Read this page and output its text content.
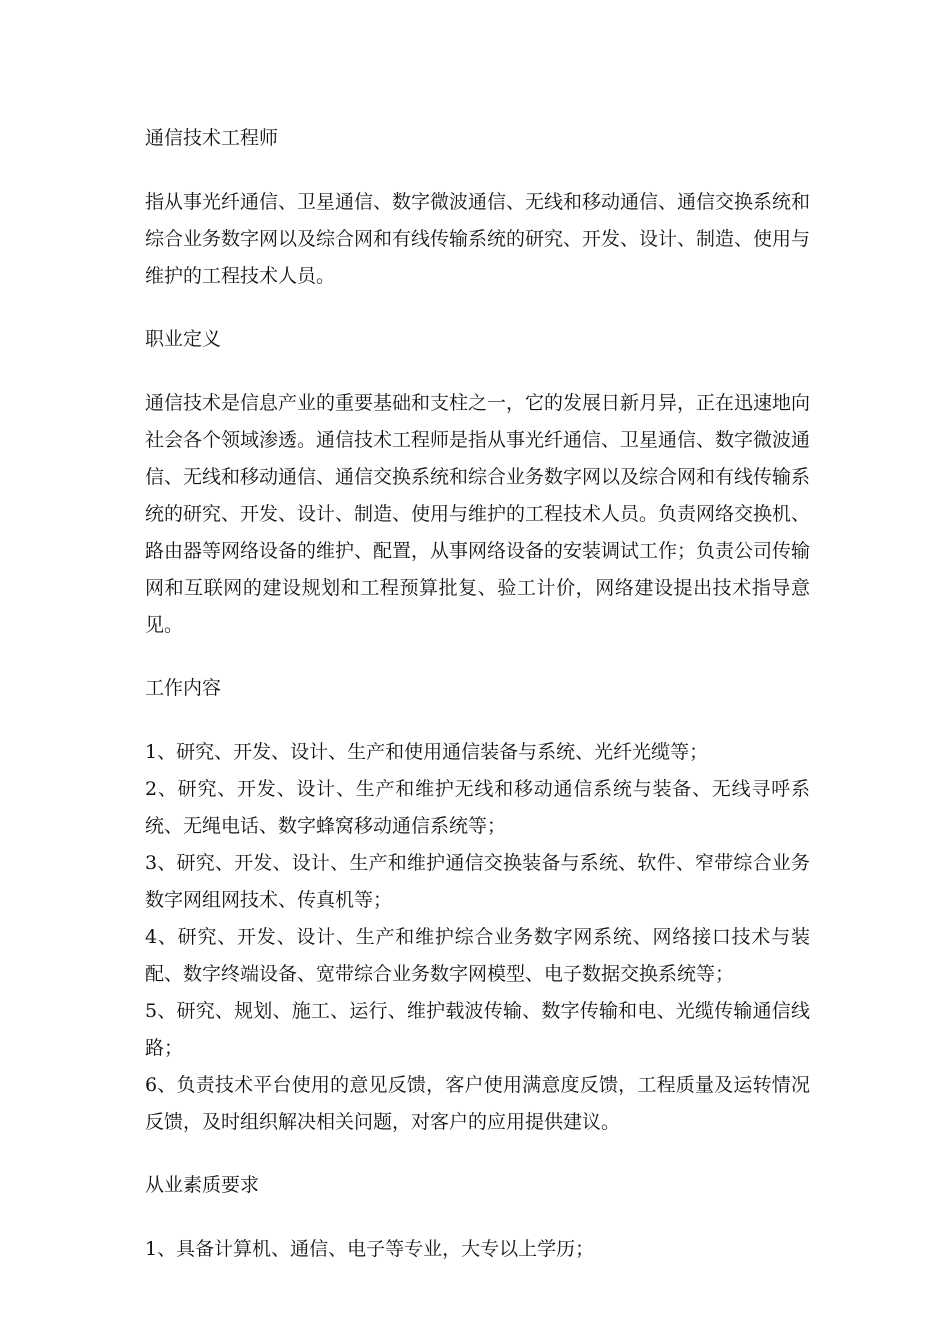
通信技术工程师

指从事光纤通信、卫星通信、数字微波通信、无线和移动通信、通信交换系统和综合业务数字网以及综合网和有线传输系统的研究、开发、设计、制造、使用与维护的工程技术人员。

职业定义

通信技术是信息产业的重要基础和支柱之一，它的发展日新月异，正在迅速地向社会各个领域渗透。通信技术工程师是指从事光纤通信、卫星通信、数字微波通信、无线和移动通信、通信交换系统和综合业务数字网以及综合网和有线传输系统的研究、开发、设计、制造、使用与维护的工程技术人员。负责网络交换机、路由器等网络设备的维护、配置，从事网络设备的安装调试工作；负责公司传输网和互联网的建设规划和工程预算批复、验工计价，网络建设提出技术指导意见。

工作内容
1、研究、开发、设计、生产和使用通信装备与系统、光纤光缆等；
2、研究、开发、设计、生产和维护无线和移动通信系统与装备、无线寻呼系统、无绳电话、数字蜂窝移动通信系统等；
3、研究、开发、设计、生产和维护通信交换装备与系统、软件、窄带综合业务数字网组网技术、传真机等；
4、研究、开发、设计、生产和维护综合业务数字网系统、网络接口技术与装配、数字终端设备、宽带综合业务数字网模型、电子数据交换系统等；
5、研究、规划、施工、运行、维护载波传输、数字传输和电、光缆传输通信线路；
6、负责技术平台使用的意见反馈，客户使用满意度反馈，工程质量及运转情况反馈，及时组织解决相关问题，对客户的应用提供建议。
从业素质要求
1、具备计算机、通信、电子等专业，大专以上学历；
